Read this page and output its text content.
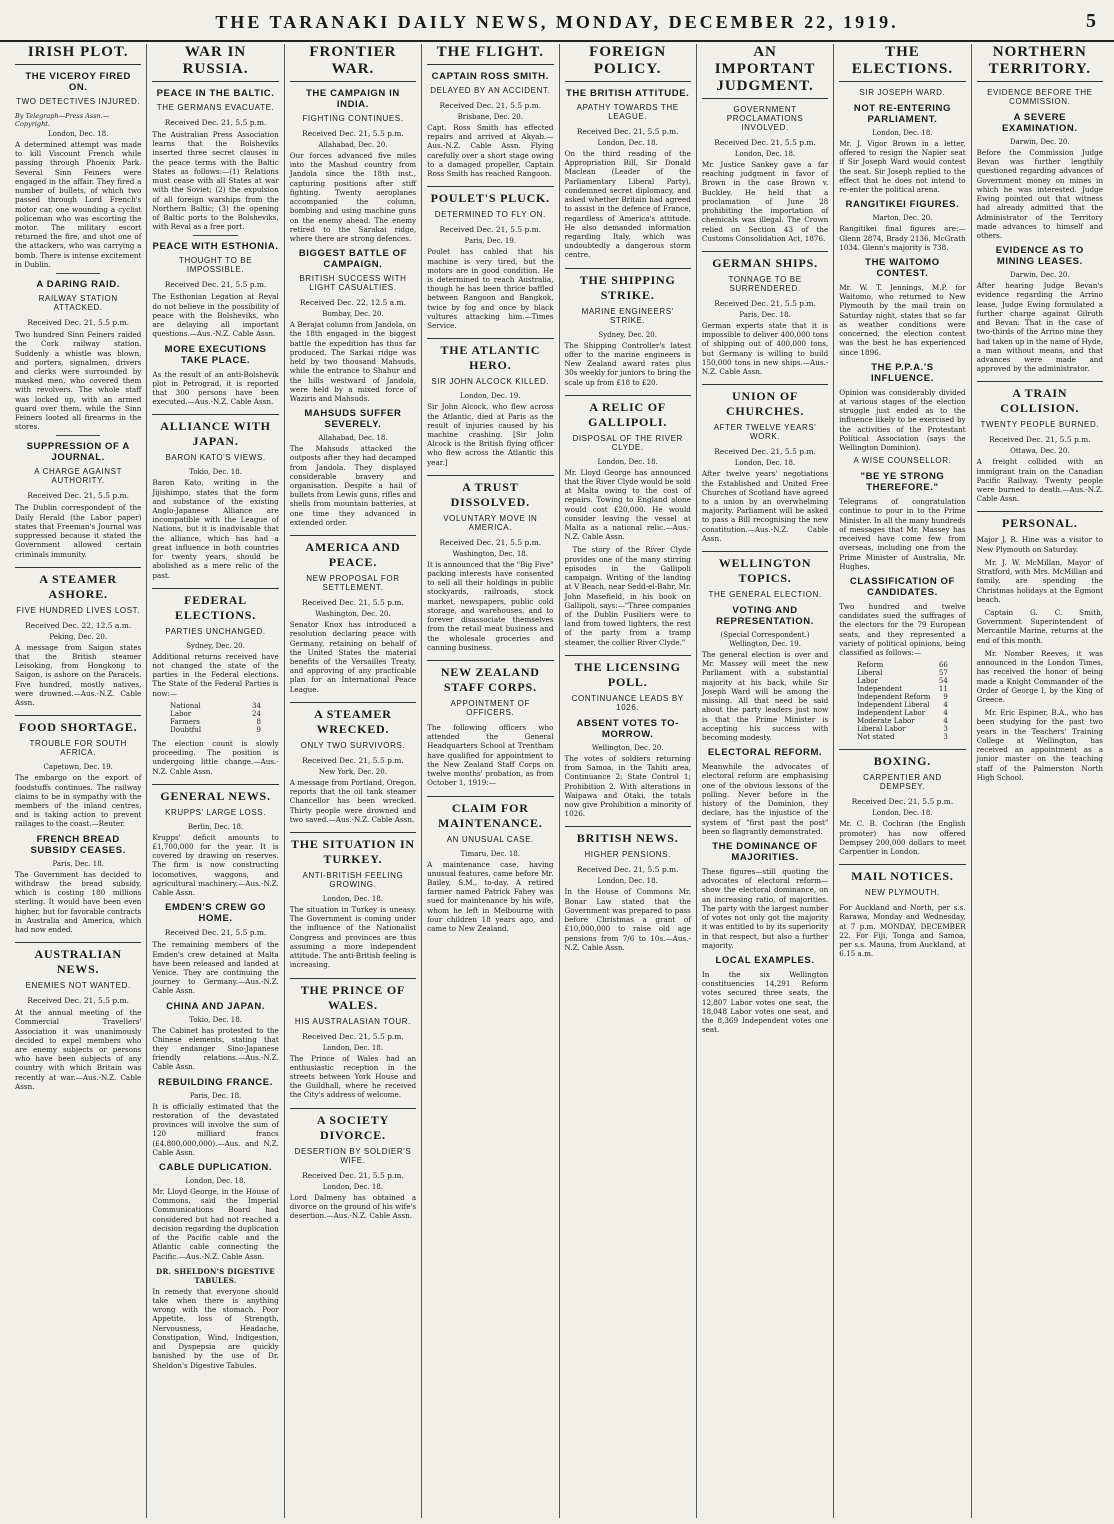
THE TARANAKI DAILY NEWS, MONDAY, DECEMBER 22, 1919.	5
IRISH PLOT.
THE VICEROY FIRED ON.
TWO DETECTIVES INJURED.
By Telegraph—Press Assn.—Copyright.
London, Dec. 18.

A determined attempt was made to kill Viscount French while passing through Phoenix Park. Several Sinn Feiners were engaged in the affair. They fired a number of bullets, of which two passed through Lord French's motor car, one wounding a cyclist policeman who was escorting the motor. The military escort returned the fire, and shot one of the attackers, who was carrying a bomb. There is intense excitement in Dublin.

A DARING RAID.
RAILWAY STATION ATTACKED.
Received Dec. 21, 5.5 p.m.

Two hundred Sinn Feiners raided the Cork railway station. Suddenly a whistle was blown, and porters, signalmen, drivers and clerks were surrounded by masked men, who covered them with revolvers. The whole staff was locked up, with an armed guard over them, while the Sinn Feiners looted all firearms in the stores.

SUPPRESSION OF A JOURNAL.
A CHARGE AGAINST AUTHORITY.
Received Dec. 21, 5.5 p.m.

The Dublin correspondent of the Daily Herald (the Labor paper) states that Freeman's Journal was suppressed because it stated the Government allowed certain criminals immunity.

A STEAMER ASHORE.
FIVE HUNDRED LIVES LOST.
Received Dec. 22, 12.5 a.m.
Peking, Dec. 20.

A message from Saigon states that the British steamer Leisoking, from Hongkong to Saigon, is ashore on the Paracels. Five hundred, mostly natives, were drowned.—Aus.-N.Z. Cable Assn.

FOOD SHORTAGE.
TROUBLE FOR SOUTH AFRICA.
Capetown, Dec. 19.

The embargo on the export of foodstuffs continues. The railway claims to be in sympathy with the members of the inland centres, and is taking action to prevent railages to the coast.—Reuter.

FRENCH BREAD SUBSIDY CEASES.
Paris, Dec. 18.

The Government has decided to withdraw the bread subsidy, which is costing 180 millions sterling. It would have been even higher, but for favorable contracts in Australia and America, which had now ended.

AUSTRALIAN NEWS.
ENEMIES NOT WANTED.
Received Dec. 21, 5.5 p.m.

At the annual meeting of the Commercial Travellers' Association it was unanimously decided to expel members who are enemy subjects or persons who have been subjects of any country with which Britain was recently at war.—Aus.-N.Z. Cable Assn.

WAR IN RUSSIA.
PEACE IN THE BALTIC.
THE GERMANS EVACUATE.
Received Dec. 21, 5.5 p.m.

The Australian Press Association learns that the Bolsheviks inserted three secret clauses in the peace terms with the Baltic States as follows:—(1) Relations must cease with all States at war with the Soviet; (2) the expulsion of all foreign warships from the Northern Baltic; (3) the opening of Baltic ports to the Bolsheviks, with Reval as a free port.

PEACE WITH ESTHONIA.
THOUGHT TO BE IMPOSSIBLE.
Received Dec. 21, 5.5 p.m.

The Esthonian Legation at Reval do not believe in the possibility of peace with the Bolsheviks, who are delaying all important questions.—Aus.-N.Z. Cable Assn.

MORE EXECUTIONS TAKE PLACE.

As the result of an anti-Bolshevik plot in Petrograd, it is reported that 300 persons have been executed.—Aus.-N.Z. Cable Assn.

ALLIANCE WITH JAPAN.
BARON KATO'S VIEWS.
Tokio, Dec. 18.

Baron Kato, writing in the Jijishimpo, states that the form and substance of the existing Anglo-Japanese Alliance are incompatible with the League of Nations, but it is inadvisable that the alliance, which has had a great influence in both countries for twenty years, should be abolished as a mere relic of the past.

FEDERAL ELECTIONS.
PARTIES UNCHANGED.
Sydney, Dec. 20.

Additional returns received have not changed the state of the parties in the Federal elections. The State of the Federal Parties is now:—

National	34
Labor	24
Farmers	8
Doubtful	9

The election count is slowly proceeding. The position is undergoing little change.—Aus.-N.Z. Cable Assn.

GENERAL NEWS.
KRUPPS' LARGE LOSS.
Berlin, Dec. 18.

Krupps' deficit amounts to £1,700,000 for the year. It is covered by drawing on reserves. The firm is now constructing locomotives, waggons, and agricultural machinery.—Aus.-N.Z. Cable Assn.

EMDEN'S CREW GO HOME.
Received Dec. 21, 5.5 p.m.

The remaining members of the Emden's crew detained at Malta have been released and landed at Venice. They are continuing the journey to Germany.—Aus.-N.Z. Cable Assn.

CHINA AND JAPAN.
Tokio, Dec. 18.

The Cabinet has protested to the Chinese elements, stating that they endanger Sino-Japanese friendly relations.—Aus.-N.Z. Cable Assn.

REBUILDING FRANCE.
Paris, Dec. 18.

It is officially estimated that the restoration of the devastated provinces will involve the sum of 120 milliard francs (£4,800,000,000).—Aus. and N.Z. Cable Assn.

CABLE DUPLICATION.
London, Dec. 18.

Mr. Lloyd George, in the House of Commons, said the Imperial Communications Board had considered but had not reached a decision regarding the duplication of the Pacific cable and the Atlantic cable connecting the Pacific.—Aus.-N.Z. Cable Assn.

DR. SHELDON'S DIGESTIVE TABULES.

In remedy that everyone should take when there is anything wrong with the stomach. Poor Appetite, loss of Strength, Nervousness, Headache, Constipation, Wind, Indigestion, and Dyspepsia are quickly banished by the use of Dr. Sheldon's Digestive Tabules.

FRONTIER WAR.
THE CAMPAIGN IN INDIA.
FIGHTING CONTINUES.
Received Dec. 21, 5.5 p.m.
Allahabad, Dec. 20.

Our forces advanced five miles into the Mashud country from Jandola since the 18th inst., capturing positions after stiff fighting. Twenty aeroplanes accompanied the column, bombing and using machine guns on the enemy ahead. The enemy retired to the Sarakai ridge, where there are strong defences.

BIGGEST BATTLE OF CAMPAIGN.
BRITISH SUCCESS WITH LIGHT CASUALTIES.
Received Dec. 22, 12.5 a.m.
Bombay, Dec. 20.

A Berajat column from Jandola, on the 18th engaged in the biggest battle the expedition has thus far produced. The Sarkai ridge was held by two thousand Mahsuds, while the entrance to Shahur and the hills westward of Jandola, were held by a mixed force of Waziris and Mahsuds.

MAHSUDS SUFFER SEVERELY.
Allahabad, Dec. 18.

The Mahsuds attacked the outposts after they had decamped from Jandola. They displayed considerable bravery and organisation. Despite a hail of bullets from Lewis guns, rifles and shells from mountain batteries, at one time they advanced in extended order.

AMERICA AND PEACE.
NEW PROPOSAL FOR SETTLEMENT.
Received Dec. 21, 5.5 p.m.
Washington, Dec. 20.

Senator Knox has introduced a resolution declaring peace with Germany, retaining on behalf of the United States the material benefits of the Versailles Treaty, and approving of any practicable plan for an International Peace League.

A STEAMER WRECKED.
ONLY TWO SURVIVORS.
Received Dec. 21, 5.5 p.m.
New York, Dec. 20.

A message from Portland, Oregon, reports that the oil tank steamer Chancellor has been wrecked. Thirty people were drowned and two saved.—Aus.-N.Z. Cable Assn.

THE SITUATION IN TURKEY.
ANTI-BRITISH FEELING GROWING.
London, Dec. 18.

The situation in Turkey is uneasy. The Government is coming under the influence of the Nationalist Congress and provinces are thus assuming a more independent attitude. The anti-British feeling is increasing.

THE PRINCE OF WALES.
HIS AUSTRALASIAN TOUR.
Received Dec. 21, 5.5 p.m.
London, Dec. 18.

The Prince of Wales had an enthusiastic reception in the streets between York House and the Guildhall, where he received the City's address of welcome.

A SOCIETY DIVORCE.
DESERTION BY SOLDIER'S WIFE.
Received Dec. 21, 5.5 p.m.
London, Dec. 18.

Lord Dalmeny has obtained a divorce on the ground of his wife's desertion.—Aus.-N.Z. Cable Assn.

THE FLIGHT.
CAPTAIN ROSS SMITH.
DELAYED BY AN ACCIDENT.
Received Dec. 21, 5.5 p.m.
Brisbane, Dec. 20.

Capt. Ross Smith has effected repairs and arrived at Akyab.—Aus.-N.Z. Cable Assn. Flying carefully over a short stage owing to a damaged propeller, Captain Ross Smith has reached Rangoon.

POULET'S PLUCK.
DETERMINED TO FLY ON.
Received Dec. 21, 5.5 p.m.
Paris, Dec. 19.

Poulet has cabled that his machine is very tired, but the motors are in good condition. He is determined to reach Australia, though he has been thrice baffled between Rangoon and Bangkok, twice by fog and once by black vultures attacking him.—Times Service.

THE ATLANTIC HERO.
SIR JOHN ALCOCK KILLED.
London, Dec. 19.

Sir John Alcock, who flew across the Atlantic, died at Paris as the result of injuries caused by his machine crashing. [Sir John Alcock is the British flying officer who flew across the Atlantic this year.]

A TRUST DISSOLVED.
VOLUNTARY MOVE IN AMERICA.
Received Dec. 21, 5.5 p.m.
Washington, Dec. 18.

It is announced that the "Big Five" packing interests have consented to sell all their holdings in public stockyards, railroads, stock market, newspapers, public cold storage, and warehouses, and to forever disassociate themselves from the retail meat business and the wholesale groceries and canning business.

NEW ZEALAND STAFF CORPS.
APPOINTMENT OF OFFICERS.

The following officers who attended the General Headquarters School at Trentham have qualified for appointment to the New Zealand Staff Corps on twelve months' probation, as from October 1, 1919:—

CLAIM FOR MAINTENANCE.
AN UNUSUAL CASE.
Timaru, Dec. 18.

A maintenance case, having unusual features, came before Mr. Bailey, S.M., to-day. A retired farmer named Patrick Fahey was sued for maintenance by his wife, whom he left in Melbourne with four children 18 years ago, and came to New Zealand.

FOREIGN POLICY.
THE BRITISH ATTITUDE.
APATHY TOWARDS THE LEAGUE.
Received Dec. 21, 5.5 p.m.
London, Dec. 18.

On the third reading of the Appropriation Bill, Sir Donald Maclean (Leader of the Parliamentary Liberal Party), condemned secret diplomacy, and asked whether Britain had agreed to assist in the defence of France, regardless of America's attitude. He also demanded information regarding Italy, which was undoubtedly a dangerous storm centre.

THE SHIPPING STRIKE.
MARINE ENGINEERS' STRIKE.
Sydney, Dec. 20.

The Shipping Controller's latest offer to the marine engineers is New Zealand award rates plus 30s weekly for juniors to bring the scale up from £18 to £20.

A RELIC OF GALLIPOLI.
DISPOSAL OF THE RIVER CLYDE.
London, Dec. 18.

Mr. Lloyd George has announced that the River Clyde would be sold at Malta owing to the cost of repairs. Towing to England alone would cost £20,000. He would consider leaving the vessel at Malta as a national relic.—Aus.-N.Z. Cable Assn.

The story of the River Clyde provides one of the many stirring episodes in the Gallipoli campaign. Writing of the landing at V Beach, near Sedd-el-Bahr, Mr. John Masefield, in his book on Gallipoli, says:—"Three companies of the Dublin Fusiliers were to land from towed lighters, the rest of the party from a tramp steamer, the collier River Clyde."

THE LICENSING POLL.
CONTINUANCE LEADS BY 1026.
ABSENT VOTES TO-MORROW.
Wellington, Dec. 20.

The votes of soldiers returning from Samoa, in the Tahiti area, Continuance 2; State Control 1; Prohibition 2. With alterations in Waipawa and Otaki, the totals now give Prohibition a minority of 1026.

BRITISH NEWS.
HIGHER PENSIONS.
Received Dec. 21, 5.5 p.m.
London, Dec. 18.

In the House of Commons Mr. Bonar Law stated that the Government was prepared to pass before Christmas a grant of £10,000,000 to raise old age pensions from 7/6 to 10s.—Aus.-N.Z. Cable Assn.

AN IMPORTANT JUDGMENT.
GOVERNMENT PROCLAMATIONS INVOLVED.
Received Dec. 21, 5.5 p.m.
London, Dec. 18.

Mr. Justice Sankey gave a far reaching judgment in favor of Brown in the case Brown v. Buckley. He held that a proclamation of June 28 prohibiting the importation of chemicals was illegal. The Crown relied on Section 43 of the Customs Consolidation Act, 1876.

GERMAN SHIPS.
TONNAGE TO BE SURRENDERED.
Received Dec. 21, 5.5 p.m.
Paris, Dec. 18.

German experts state that it is impossible to deliver 400,000 tons of shipping out of 400,000 tons, but Germany is willing to build 150,000 tons in new ships.—Aus.-N.Z. Cable Assn.

UNION OF CHURCHES.
AFTER TWELVE YEARS' WORK.
Received Dec. 21, 5.5 p.m.
London, Dec. 18.

After twelve years' negotiations the Established and United Free Churches of Scotland have agreed to a union by an overwhelming majority. Parliament will be asked to pass a Bill recognising the new constitution.—Aus.-N.Z. Cable Assn.

WELLINGTON TOPICS.
THE GENERAL ELECTION.
VOTING AND REPRESENTATION.
(Special Correspondent.)
Wellington, Dec. 19.

The general election is over and Mr. Massey will meet the new Parliament with a substantial majority at his back, while Sir Joseph Ward will be among the missing. All that need be said about the party leaders just now is that the Prime Minister is accepting his success with becoming modesty.

ELECTORAL REFORM.

Meanwhile the advocates of electoral reform are emphasising one of the obvious lessons of the polling. Never before in the history of the Dominion, they declare, has the injustice of the system of "first past the post" been so flagrantly demonstrated.

THE DOMINANCE OF MAJORITIES.

These figures—still quoting the advocates of electoral reform—show the electoral dominance, on an increasing ratio, of majorities. The party with the largest number of votes not only got the majority it was entitled to by its superiority in that respect, but also a further majority.

LOCAL EXAMPLES.

In the six Wellington constituencies 14,291 Reform votes secured three seats, the 12,807 Labor votes one seat, the 18,048 Labor votes one seat, and the 8,369 Independent votes one seat.

THE ELECTIONS.
SIR JOSEPH WARD.
NOT RE-ENTERING PARLIAMENT.
London, Dec. 18.

Mr. J. Vigor Brown in a letter, offered to resign the Napier seat if Sir Joseph Ward would contest the seat. Sir Joseph replied to the effect that he does not intend to re-enter the political arena.

RANGITIKEI FIGURES.
Marton, Dec. 20.

Rangitikei final figures are:—Glenn 2874, Brady 2136, McGrath 1034. Glenn's majority is 738.

THE WAITOMO CONTEST.

Mr. W. T. Jennings, M.P. for Waitomo, who returned to New Plymouth by the mail train on Saturday night, states that so far as weather conditions were concerned, the election contest was the best he has experienced since 1896.

THE P.P.A.'S INFLUENCE.

Opinion was considerably divided at various stages of the election struggle just ended as to the influence likely to be exercised by the activities of the Protestant Political Association (says the Wellington Dominion).

A WISE COUNSELLOR.
"BE YE STRONG THEREFORE."

Telegrams of congratulation continue to pour in to the Prime Minister. In all the many hundreds of messages that Mr. Massey has received have come few from overseas, including one from the Prime Minister of Australia, Mr. Hughes.

CLASSIFICATION OF CANDIDATES.

Two hundred and twelve candidates sued the suffrages of the electors for the 79 European seats, and they represented a variety of political opinions, being classified as follows:—

Reform	66
Liberal	57
Labor	54
Independent	11
Independent Reform	9
Independent Liberal	4
Independent Labor	4
Moderate Labor	4
Liberal Labor	3
Not stated	3
BOXING.
CARPENTIER AND DEMPSEY.
Received Dec. 21, 5.5 p.m.
London, Dec. 18.

Mr. C. B. Cochran (the English promoter) has now offered Dempsey 200,000 dollars to meet Carpentier in London.

MAIL NOTICES.
NEW PLYMOUTH.

For Auckland and North, per s.s. Rarawa, Monday and Wednesday, at 7 p.m. MONDAY, DECEMBER 22. For Fiji, Tonga and Samoa, per s.s. Mauna, from Auckland, at 6.15 a.m.

NORTHERN TERRITORY.
EVIDENCE BEFORE THE COMMISSION.
A SEVERE EXAMINATION.
Darwin, Dec. 20.

Before the Commission Judge Bevan was further lengthily questioned regarding advances of Government money on mines in which he was interested. Judge Ewing pointed out that witness had already admitted that the Administrator of the Territory made advances to himself and others.

EVIDENCE AS TO MINING LEASES.
Darwin, Dec. 20.

After hearing Judge Bevan's evidence regarding the Arrino lease, Judge Ewing formulated a further charge against Gilruth and Bevan: That in the case of two-thirds of the Arrino mine they had taken up in the name of Hyde, a man without means, and that advances were made and approved by the administrator.

A TRAIN COLLISION.
TWENTY PEOPLE BURNED.
Received Dec. 21, 5.5 p.m.
Ottawa, Dec. 20.

A freight collided with an immigrant train on the Canadian Pacific Railway. Twenty people were burned to death.—Aus.-N.Z. Cable Assn.

PERSONAL.

Major J. R. Hine was a visitor to New Plymouth on Saturday.

Mr. J. W. McMillan, Mayor of Stratford, with Mrs. McMillan and family, are spending the Christmas holidays at the Egmont beach.

Captain G. C. Smith, Government Superintendent of Mercantile Marine, returns at the end of this month.

Mr. Nomber Reeves, it was announced in the London Times, has received the honor of being made a Knight Commander of the Order of George I, by the King of Greece.

Mr. Eric Espiner, B.A., who has been studying for the past two years in the Teachers' Training College at Wellington, has received an appointment as a junior master on the teaching staff of the Palmerston North High School.
